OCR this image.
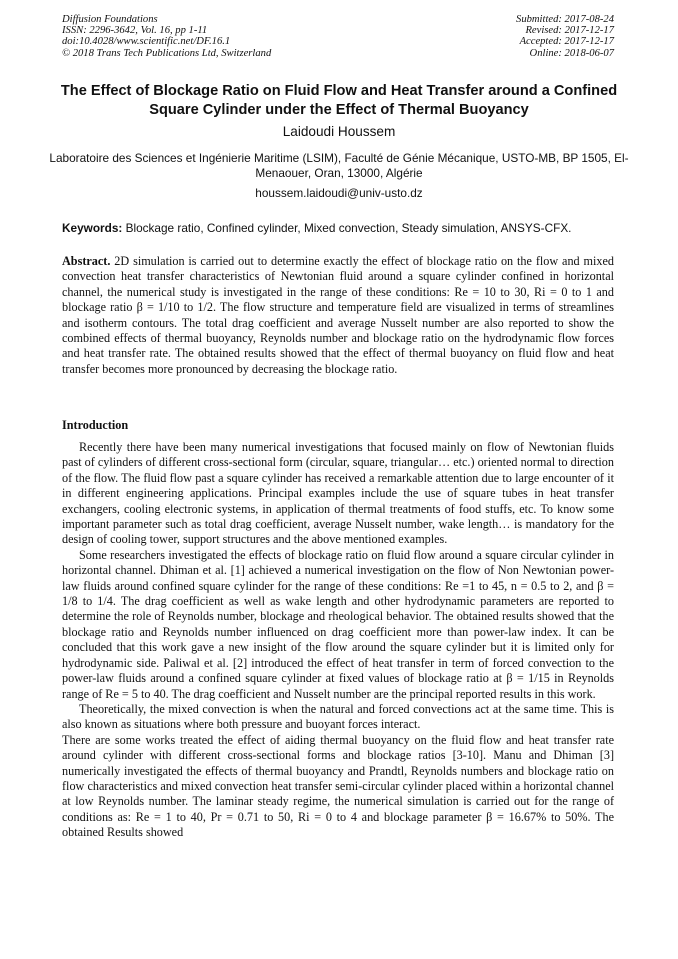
Diffusion Foundations
ISSN: 2296-3642, Vol. 16, pp 1-11
doi:10.4028/www.scientific.net/DF.16.1
© 2018 Trans Tech Publications Ltd, Switzerland
Submitted: 2017-08-24
Revised: 2017-12-17
Accepted: 2017-12-17
Online: 2018-06-07
The Effect of Blockage Ratio on Fluid Flow and Heat Transfer around a Confined Square Cylinder under the Effect of Thermal Buoyancy
Laidoudi Houssem
Laboratoire des Sciences et Ingénierie Maritime (LSIM), Faculté de Génie Mécanique, USTO-MB, BP 1505, El-Menaouer, Oran, 13000, Algérie
houssem.laidoudi@univ-usto.dz
Keywords: Blockage ratio, Confined cylinder, Mixed convection, Steady simulation, ANSYS-CFX.
Abstract. 2D simulation is carried out to determine exactly the effect of blockage ratio on the flow and mixed convection heat transfer characteristics of Newtonian fluid around a square cylinder confined in horizontal channel, the numerical study is investigated in the range of these conditions: Re = 10 to 30, Ri = 0 to 1 and blockage ratio β = 1/10 to 1/2. The flow structure and temperature field are visualized in terms of streamlines and isotherm contours. The total drag coefficient and average Nusselt number are also reported to show the combined effects of thermal buoyancy, Reynolds number and blockage ratio on the hydrodynamic flow forces and heat transfer rate. The obtained results showed that the effect of thermal buoyancy on fluid flow and heat transfer becomes more pronounced by decreasing the blockage ratio.
Introduction

Recently there have been many numerical investigations that focused mainly on flow of Newtonian fluids past of cylinders of different cross-sectional form (circular, square, triangular… etc.) oriented normal to direction of the flow. The fluid flow past a square cylinder has received a remarkable attention due to large encounter of it in different engineering applications. Principal examples include the use of square tubes in heat transfer exchangers, cooling electronic systems, in application of thermal treatments of food stuffs, etc. To know some important parameter such as total drag coefficient, average Nusselt number, wake length… is mandatory for the design of cooling tower, support structures and the above mentioned examples.

Some researchers investigated the effects of blockage ratio on fluid flow around a square circular cylinder in horizontal channel. Dhiman et al. [1] achieved a numerical investigation on the flow of Non Newtonian power-law fluids around confined square cylinder for the range of these conditions: Re =1 to 45, n = 0.5 to 2, and β = 1/8 to 1/4. The drag coefficient as well as wake length and other hydrodynamic parameters are reported to determine the role of Reynolds number, blockage and rheological behavior. The obtained results showed that the blockage ratio and Reynolds number influenced on drag coefficient more than power-law index. It can be concluded that this work gave a new insight of the flow around the square cylinder but it is limited only for hydrodynamic side. Paliwal et al. [2] introduced the effect of heat transfer in term of forced convection to the power-law fluids around a confined square cylinder at fixed values of blockage ratio at β = 1/15 in Reynolds range of Re = 5 to 40. The drag coefficient and Nusselt number are the principal reported results in this work.

Theoretically, the mixed convection is when the natural and forced convections act at the same time. This is also known as situations where both pressure and buoyant forces interact.

There are some works treated the effect of aiding thermal buoyancy on the fluid flow and heat transfer rate around cylinder with different cross-sectional forms and blockage ratios [3-10]. Manu and Dhiman [3] numerically investigated the effects of thermal buoyancy and Prandtl, Reynolds numbers and blockage ratio on flow characteristics and mixed convection heat transfer semi-circular cylinder placed within a horizontal channel at low Reynolds number. The laminar steady regime, the numerical simulation is carried out for the range of conditions as: Re = 1 to 40, Pr = 0.71 to 50, Ri = 0 to 4 and blockage parameter β = 16.67% to 50%. The obtained Results showed
